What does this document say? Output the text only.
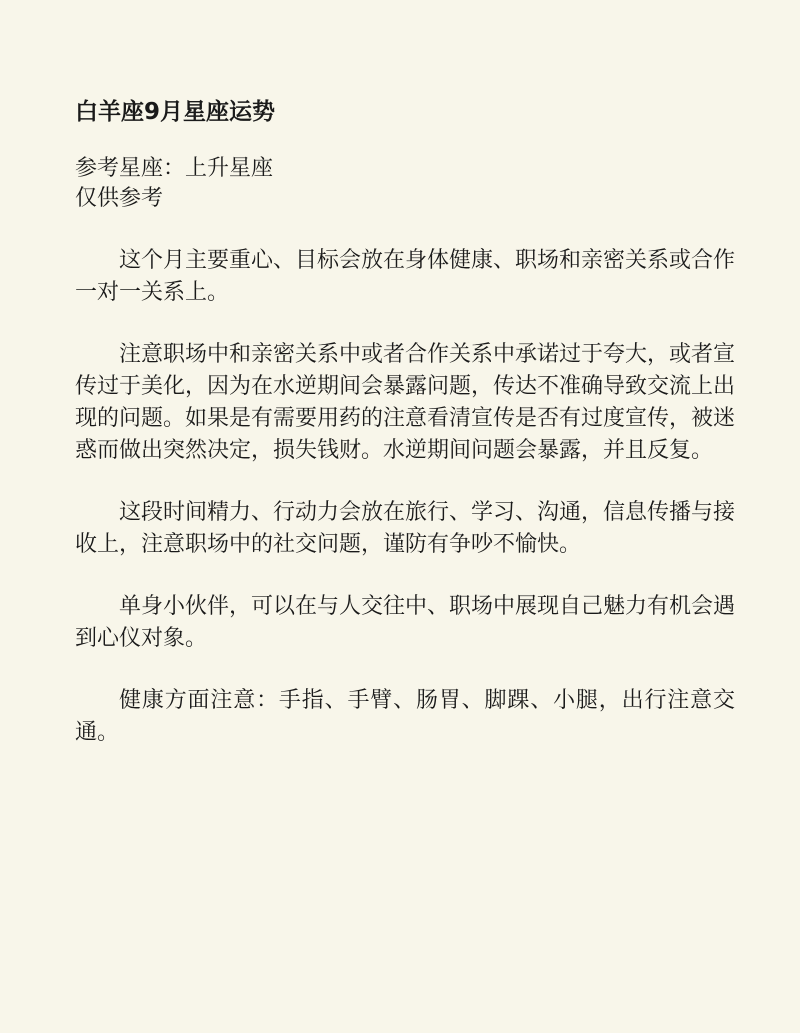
白羊座9月星座运势
参考星座：上升星座
仅供参考

这个月主要重心、目标会放在身体健康、职场和亲密关系或合作一对一关系上。

注意职场中和亲密关系中或者合作关系中承诺过于夸大，或者宣传过于美化，因为在水逆期间会暴露问题，传达不准确导致交流上出现的问题。如果是有需要用药的注意看清宣传是否有过度宣传，被迷惑而做出突然决定，损失钱财。水逆期间问题会暴露，并且反复。

这段时间精力、行动力会放在旅行、学习、沟通，信息传播与接收上，注意职场中的社交问题，谨防有争吵不愉快。

单身小伙伴，可以在与人交往中、职场中展现自己魅力有机会遇到心仪对象。

健康方面注意：手指、手臂、肠胃、脚踝、小腿，出行注意交通。
